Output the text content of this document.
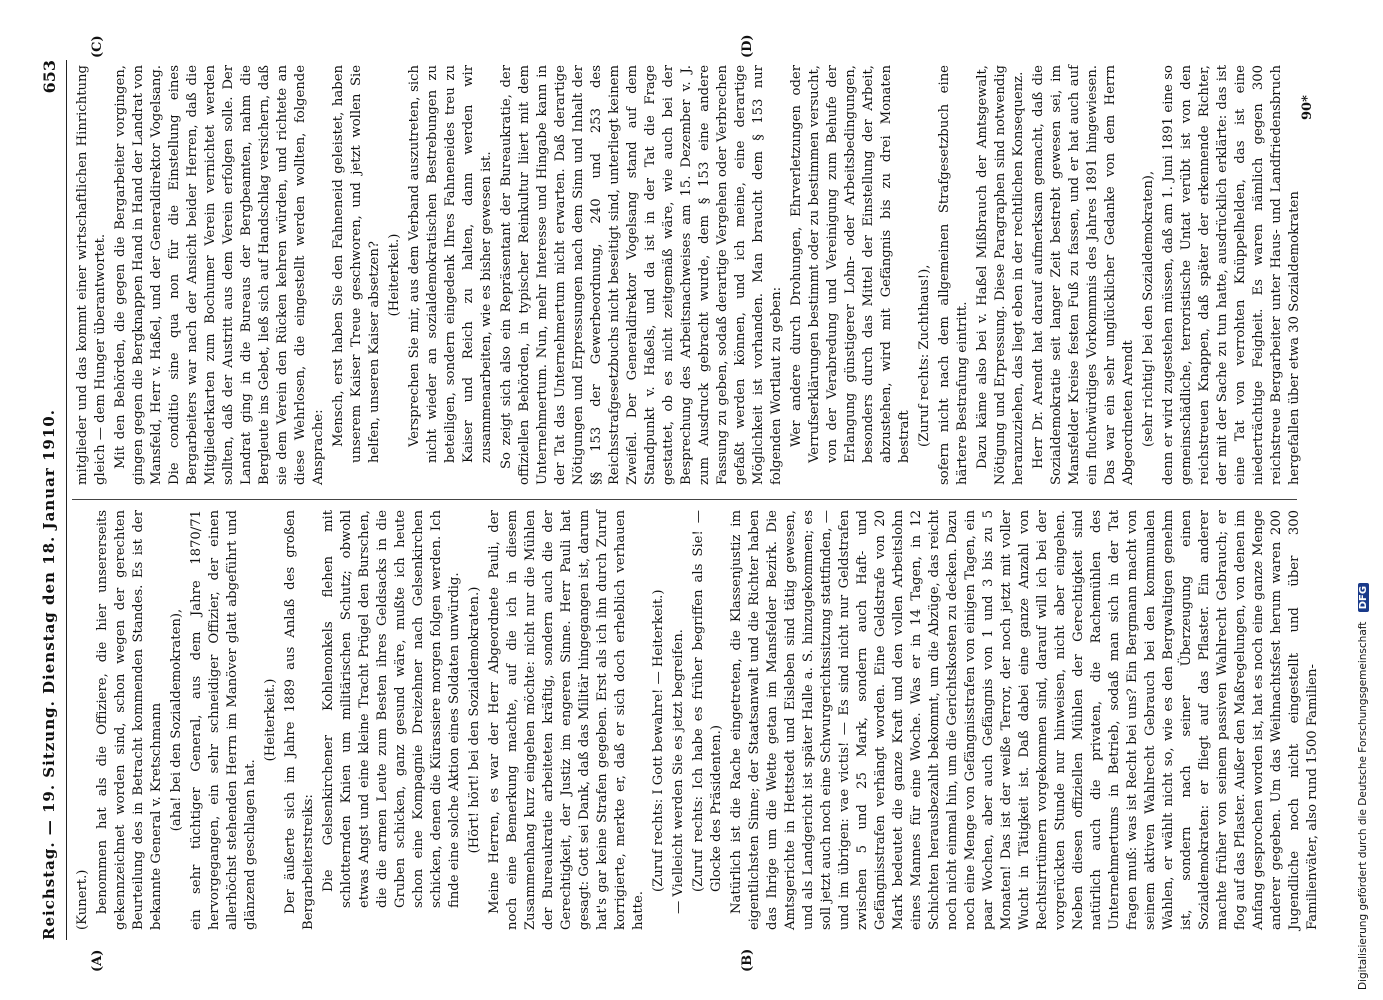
Reichstag. — 19. Sitzung. Dienstag den 18. Januar 1910.
653
(A)	(B)
(C)	(D)

(Kunert.) benommen hat als die Offiziere, die hier unsererseits gekennzeichnet worden sind, schon wegen der gerechten Beurteilung des in Betracht kommenden Standes. Es ist der bekannte General v. Kretschmann (aha! bei den Sozialdemokraten), ein sehr tüchtiger General, aus dem Jahre 1870/71 hervorgegangen, ein sehr schneidiger Offizier, der einen allerhöchst stehenden Herrn im Manöver glatt abgeführt und glänzend geschlagen hat.

(Heiterkeit.) Der äußerte sich im Jahre 1889 aus Anlaß des großen Bergarbeiterstreiks: Die Gelsenkirchener Kohlenonkels flehen mit schlotternden Knien um militärischen Schutz; obwohl etwas Angst und eine kleine Tracht Prügel den Burschen, die die armen Leute zum Besten ihres Geldsacks in die Gruben schicken, ganz gesund wäre, mußte ich heute schon eine Kompagnie Dreizehner nach Gelsenkirchen schicken, denen die Kürassiere morgen folgen werden. Ich finde eine solche Aktion eines Soldaten unwürdig. (Hört! hört! bei den Sozialdemokraten.) Meine Herren, es war der Herr Abgeordnete Pauli, der noch eine Bemerkung machte, auf die ich in diesem Zusammenhang kurz eingehen möchte: nicht nur die Mühlen der Bureaukratie arbeiteten kräftig, sondern auch die der Gerechtigkeit, der Justiz im engeren Sinne. Herr Pauli hat gesagt: Gott sei Dank, daß das Militär hingegangen ist, darum hat's gar keine Strafen gegeben. Erst als ich ihn durch Zuruf korrigierte, merkte er, daß er sich doch erheblich verhauen hatte.

(Zuruf rechts: I Gott bewahre! — Heiterkeit.) — Vielleicht werden Sie es jetzt begreifen. (Zuruf rechts: Ich habe es früher begriffen als Sie! — Glocke des Präsidenten.) Natürlich ist die Rache eingetreten, die Klassenjustiz im eigentlichsten Sinne; der Staatsanwalt und die Richter haben das Ihrige um die Wette getan im Mansfelder Bezirk. Die Amtsgerichte in Hettstedt und Eisleben sind tätig gewesen, und als Landgericht ist später Halle a. S. hinzugekommen; es soll jetzt auch noch eine Schwurgerichtssitzung stattfinden, — und im übrigen: vae victis! — Es sind nicht nur Geldstrafen zwischen 5 und 25 Mark, sondern auch Haft- und Gefängnisstrafen verhängt worden. Eine Geldstrafe von 20 Mark bedeutet die ganze Kraft und den vollen Arbeitslohn eines Mannes für eine Woche. Was er in 14 Tagen, in 12 Schichten herausbezahlt bekommt, um die Abzüge, das reicht noch nicht einmal hin, um die Gerichtskosten zu decken. Dazu noch eine Menge von Gefängnisstrafen von einigen Tagen, ein paar Wochen, aber auch Gefängnis von 1 und 3 bis zu 5 Monaten! Das ist der weiße Terror, der noch jetzt mit voller Wucht in Tätigkeit ist. Daß dabei eine ganze Anzahl von Rechtsirrtümern vorgekommen sind, darauf will ich bei der vorgerückten Stunde nur hinweisen, nicht aber eingehen. Neben diesen offiziellen Mühlen der Gerechtigkeit sind natürlich auch die privaten, die Rachemühlen des Unternehmertums in Betrieb, sodaß man sich in der Tat fragen muß: was ist Recht bei uns? Ein Bergmann macht von seinem aktiven Wahlrecht Gebrauch bei den kommunalen Wahlen, er wählt nicht so, wie es den Bergwaltigen genehm ist, sondern nach seiner Überzeugung einen Sozialdemokraten: er fliegt auf das Pflaster. Ein anderer machte früher von seinem passiven Wahlrecht Gebrauch; er flog auf das Pflaster. Außer den Maßregelungen, von denen im Anfang gesprochen worden ist, hat es noch eine ganze Menge anderer gegeben. Um das Weihnachtsfest herum waren 200 Jugendliche noch nicht eingestellt und über 300 Familienväter, also rund 1500 Familien-

mitglieder und das kommt einer wirtschaftlichen Hinrichtung gleich — dem Hunger überantwortet. Mit den Behörden, die gegen die Bergarbeiter vorgingen, gingen gegen die Bergknappen Hand in Hand der Landrat von Mansfeld, Herr v. Haßel, und der Generaldirektor Vogelsang. Die conditio sine qua non für die Einstellung eines Bergarbeiters war nach der Ansicht beider Herren, daß die Mitgliederkarten zum Bochumer Verein vernichtet werden sollten, daß der Austritt aus dem Verein erfolgen solle. Der Landrat ging in die Bureaus der Bergbeamten, nahm die Bergleute ins Gebet, ließ sich auf Handschlag versichern, daß sie dem Verein den Rücken kehren würden, und richtete an diese Wehrlosen, die eingestellt werden wollten, folgende Ansprache:

Mensch, erst haben Sie den Fahneneid geleistet, haben unserem Kaiser Treue geschworen, und jetzt wollen Sie helfen, unseren Kaiser absetzen? (Heiterkeit.) Versprechen Sie mir, aus dem Verband auszutreten, sich nicht wieder an sozialdemokratischen Bestrebungen zu beteiligen, sondern eingedenk Ihres Fahneneides treu zu Kaiser und Reich zu halten, dann werden wir zusammenarbeiten, wie es bisher gewesen ist. So zeigt sich also ein Repräsentant der Bureaukratie, der offiziellen Behörden, in typischer Reinkultur liiert mit dem Unternehmertum. Nun, mehr Interesse und Hingabe kann in der Tat das Unternehmertum nicht erwarten. Daß derartige Nötigungen und Erpressungen nach dem Sinn und Inhalt der §§ 153 der Gewerbeordnung, 240 und 253 des Reichsstrafgesetzbuchs nicht beseitigt sind, unterliegt keinem Zweifel. Der Generaldirektor Vogelsang stand auf dem Standpunkt v. Haßels, und da ist in der Tat die Frage gestattet, ob es nicht zeitgemäß wäre, wie auch bei der Besprechung des Arbeitsnachweises am 15. Dezember v. J. zum Ausdruck gebracht wurde, dem § 153 eine andere Fassung zu geben, sodaß derartige Vergehen oder Verbrechen gefaßt werden können, und ich meine, eine derartige Möglichkeit ist vorhanden. Man braucht dem § 153 nur folgenden Wortlaut zu geben: Wer andere durch Drohungen, Ehrverletzungen oder Verrufserklärungen bestimmt oder zu bestimmen versucht, von der Verabredung und Vereinigung zum Behufe der Erlangung günstigerer Lohn- oder Arbeitsbedingungen, besonders durch das Mittel der Einstellung der Arbeit, abzustehen, wird mit Gefängnis bis zu drei Monaten bestraft (Zuruf rechts: Zuchthaus!), sofern nicht nach dem allgemeinen Strafgesetzbuch eine härtere Bestrafung eintritt. Dazu käme also bei v. Haßel Mißbrauch der Amtsgewalt, Nötigung und Erpressung. Diese Paragraphen sind notwendig heranzuziehen, das liegt eben in der rechtlichen Konsequenz. Herr Dr. Arendt hat darauf aufmerksam gemacht, daß die Sozialdemokratie seit langer Zeit bestrebt gewesen sei, im Mansfelder Kreise festen Fuß zu fassen, und er hat auch auf ein fluchwürdiges Vorkommnis des Jahres 1891 hingewiesen. Das war ein sehr unglücklicher Gedanke von dem Herrn Abgeordneten Arendt (sehr richtig! bei den Sozialdemokraten), denn er wird zugestehen müssen, daß am 1. Juni 1891 eine so gemeinschädliche, terroristische Untat verübt ist von den reichstreuen Knappen, daß später der erkennende Richter, der mit der Sache zu tun hatte, ausdrücklich erklärte: das ist eine Tat von verrohten Knüppelhelden, das ist eine niederträchtige Feigheit. Es waren nämlich gegen 300 reichstreue Bergarbeiter unter Haus- und Landfriedensbruch hergefallen über etwa 30 Sozialdemokraten

90*
Digitalisierung gefördert durch die Deutsche Forschungsgemeinschaft DFG
